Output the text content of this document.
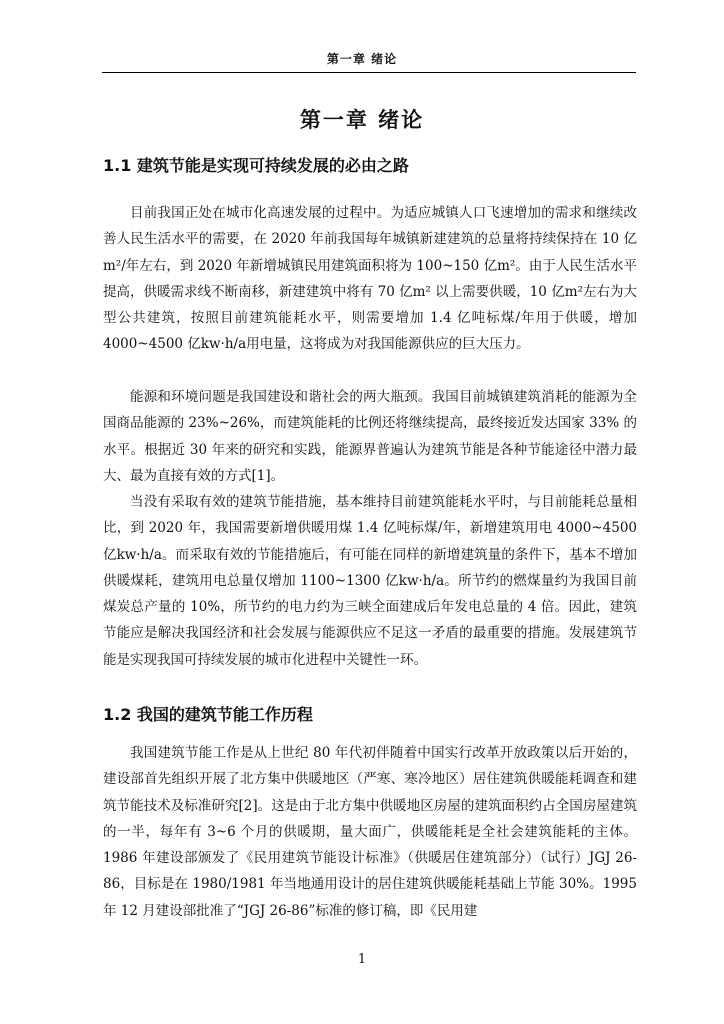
第一章 绪论
第一章 绪论
1.1 建筑节能是实现可持续发展的必由之路

目前我国正处在城市化高速发展的过程中。为适应城镇人口飞速增加的需求和继续改善人民生活水平的需要，在 2020 年前我国每年城镇新建建筑的总量将持续保持在 10 亿m²/年左右，到 2020 年新增城镇民用建筑面积将为 100~150 亿m²。由于人民生活水平提高，供暖需求线不断南移，新建建筑中将有 70 亿m² 以上需要供暖，10 亿m²左右为大型公共建筑，按照目前建筑能耗水平，则需要增加 1.4 亿吨标煤/年用于供暖，增加 4000~4500 亿kw·h/a用电量，这将成为对我国能源供应的巨大压力。

能源和环境问题是我国建设和谐社会的两大瓶颈。我国目前城镇建筑消耗的能源为全国商品能源的 23%~26%，而建筑能耗的比例还将继续提高，最终接近发达国家 33% 的水平。根据近 30 年来的研究和实践，能源界普遍认为建筑节能是各种节能途径中潜力最大、最为直接有效的方式[1]。

当没有采取有效的建筑节能措施，基本维持目前建筑能耗水平时，与目前能耗总量相比，到 2020 年，我国需要新增供暖用煤 1.4 亿吨标煤/年，新增建筑用电 4000~4500 亿kw·h/a。而采取有效的节能措施后，有可能在同样的新增建筑量的条件下，基本不增加供暖煤耗，建筑用电总量仅增加 1100~1300 亿kw·h/a。所节约的燃煤量约为我国目前煤炭总产量的 10%，所节约的电力约为三峡全面建成后年发电总量的 4 倍。因此，建筑节能应是解决我国经济和社会发展与能源供应不足这一矛盾的最重要的措施。发展建筑节能是实现我国可持续发展的城市化进程中关键性一环。

1.2 我国的建筑节能工作历程

我国建筑节能工作是从上世纪 80 年代初伴随着中国实行改革开放政策以后开始的，建设部首先组织开展了北方集中供暖地区（严寒、寒冷地区）居住建筑供暖能耗调查和建筑节能技术及标准研究[2]。这是由于北方集中供暖地区房屋的建筑面积约占全国房屋建筑的一半，每年有 3~6 个月的供暖期，量大面广，供暖能耗是全社会建筑能耗的主体。1986 年建设部颁发了《民用建筑节能设计标准》（供暖居住建筑部分）（试行）JGJ 26-86，目标是在 1980/1981 年当地通用设计的居住建筑供暖能耗基础上节能 30%。1995 年 12 月建设部批准了“JGJ 26-86”标准的修订稿，即《民用建

1
